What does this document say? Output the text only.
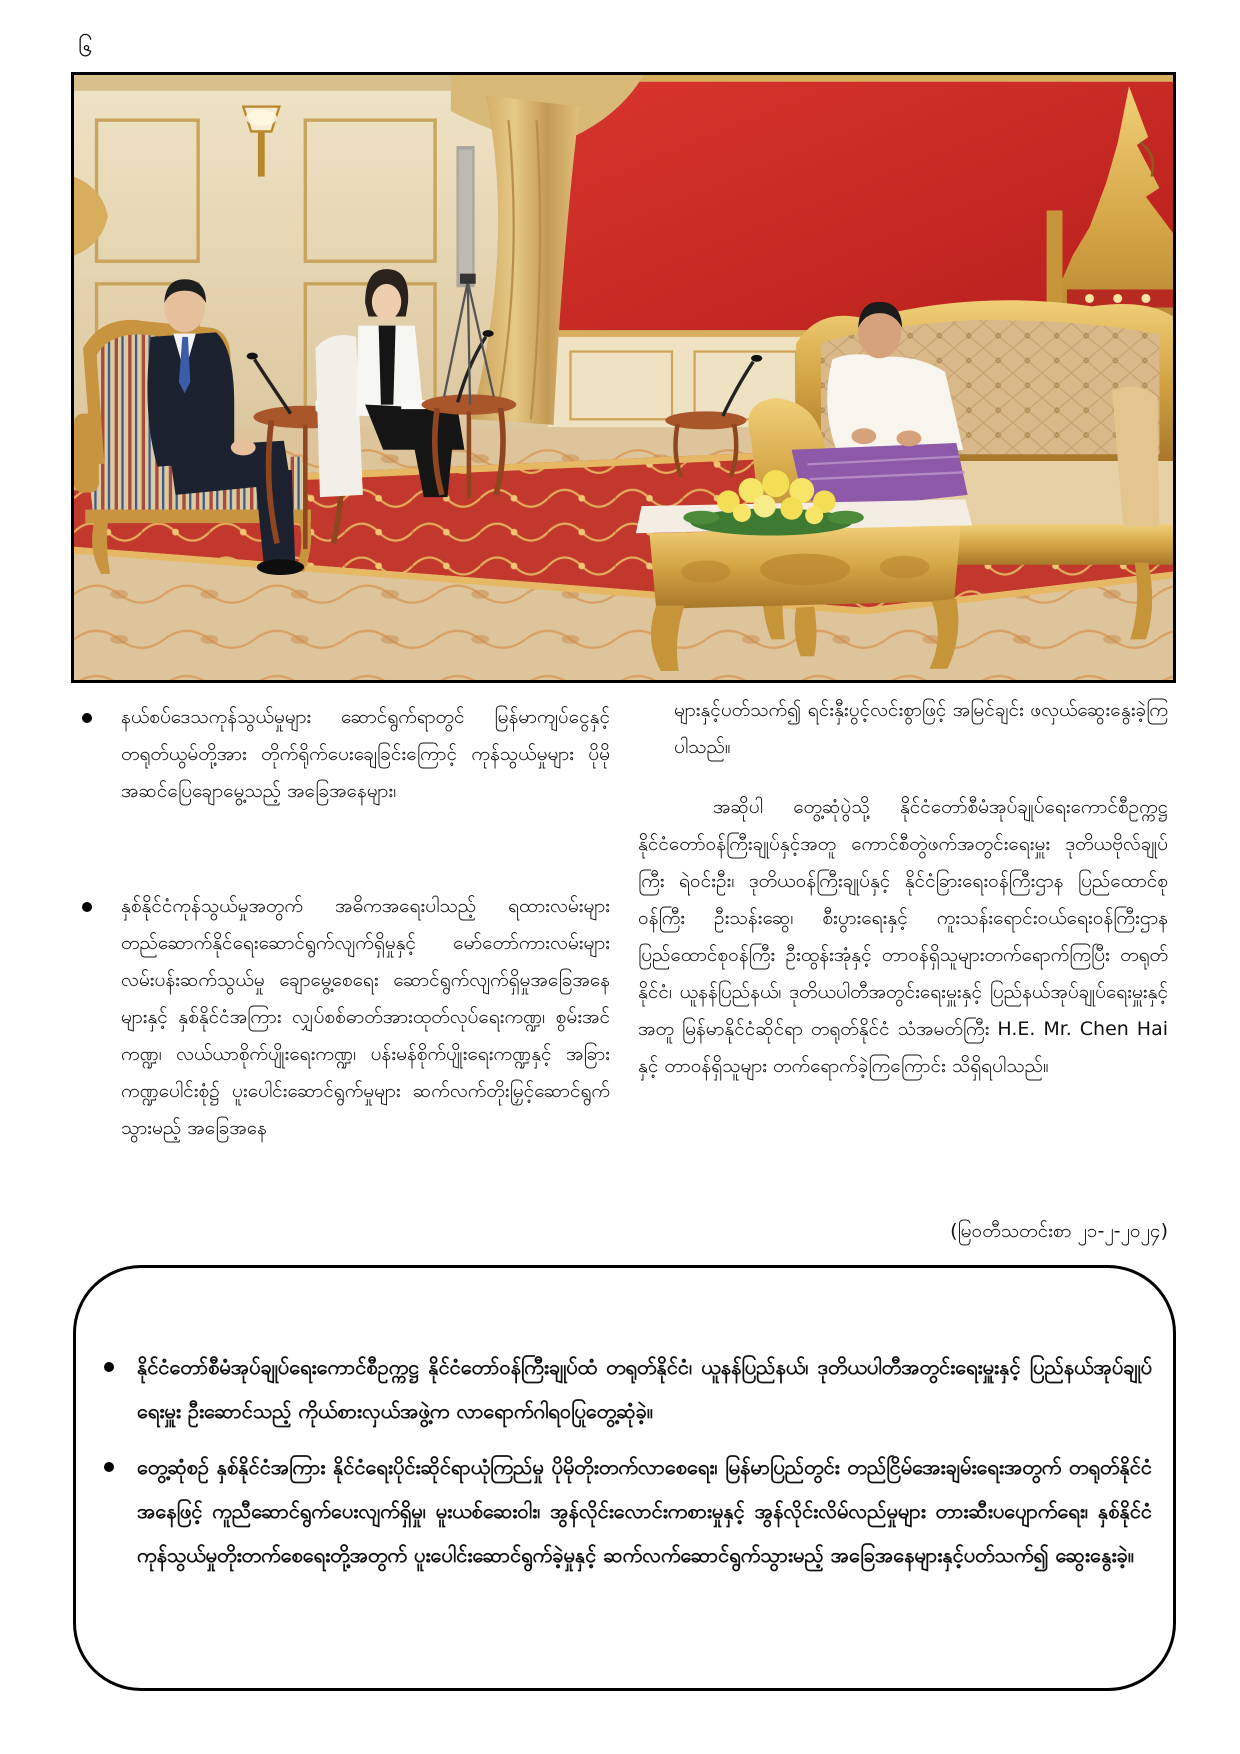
၆
နယ်စပ်ဒေသကုန်သွယ်မှုများ ဆောင်ရွက်ရာတွင် မြန်မာကျပ်ငွေနှင့် တရုတ်ယွမ်တို့အား တိုက်ရိုက်ပေးချေခြင်းကြောင့် ကုန်သွယ်မှုများ ပိုမိုအဆင်ပြေချောမွေ့သည့် အခြေအနေများ၊
နှစ်နိုင်ငံကုန်သွယ်မှုအတွက် အဓိကအရေးပါသည့် ရထားလမ်းများ တည်ဆောက်နိုင်ရေးဆောင်ရွက်လျက်ရှိမှုနှင့် မော်တော်ကားလမ်းများ လမ်းပန်းဆက်သွယ်မှု ချောမွေ့စေရေး ဆောင်ရွက်လျက်ရှိမှုအခြေအနေများနှင့် နှစ်နိုင်ငံအကြား လျှပ်စစ်ဓာတ်အားထုတ်လုပ်ရေးကဏ္ဍ၊ စွမ်းအင်ကဏ္ဍ၊ လယ်ယာစိုက်ပျိုးရေးကဏ္ဍ၊ ပန်းမန်စိုက်ပျိုးရေးကဏ္ဍနှင့် အခြားကဏ္ဍပေါင်းစုံ၌ ပူးပေါင်းဆောင်ရွက်မှုများ ဆက်လက်တိုးမြှင့်ဆောင်ရွက်သွားမည့် အခြေအနေ
များနှင့်ပတ်သက်၍ ရင်းနှီးပွင့်လင်းစွာဖြင့် အမြင်ချင်း ဖလှယ်ဆွေးနွေးခဲ့ကြပါသည်။
အဆိုပါ တွေ့ဆုံပွဲသို့ နိုင်ငံတော်စီမံအုပ်ချုပ်ရေးကောင်စီဥက္ကဋ္ဌ နိုင်ငံတော်ဝန်ကြီးချုပ်နှင့်အတူ ကောင်စီတွဲဖက်အတွင်းရေးမှူး ဒုတိယဗိုလ်ချုပ်ကြီး ရဲဝင်းဦး၊ ဒုတိယဝန်ကြီးချုပ်နှင့် နိုင်ငံခြားရေးဝန်ကြီးဌာန ပြည်ထောင်စုဝန်ကြီး ဦးသန်းဆွေ၊ စီးပွားရေးနှင့် ကူးသန်းရောင်းဝယ်ရေးဝန်ကြီးဌာန ပြည်ထောင်စုဝန်ကြီး ဦးထွန်းအုံနှင့် တာဝန်ရှိသူများတက်ရောက်ကြပြီး တရုတ်နိုင်ငံ၊ ယူနန်ပြည်နယ်၊ ဒုတိယပါတီအတွင်းရေးမှူးနှင့် ပြည်နယ်အုပ်ချုပ်ရေးမှူးနှင့်အတူ မြန်မာနိုင်ငံဆိုင်ရာ တရုတ်နိုင်ငံ သံအမတ်ကြီး H.E. Mr. Chen Hai နှင့် တာဝန်ရှိသူများ တက်ရောက်ခဲ့ကြကြောင်း သိရှိရပါသည်။
(မြဝတီသတင်းစာ ၂၁-၂-၂၀၂၄)
နိုင်ငံတော်စီမံအုပ်ချုပ်ရေးကောင်စီဥက္ကဋ္ဌ နိုင်ငံတော်ဝန်ကြီးချုပ်ထံ တရုတ်နိုင်ငံ၊ ယူနန်ပြည်နယ်၊ ဒုတိယပါတီအတွင်းရေးမှူးနှင့် ပြည်နယ်အုပ်ချုပ်ရေးမှူး ဦးဆောင်သည့် ကိုယ်စားလှယ်အဖွဲ့က လာရောက်ဂါရဝပြုတွေ့ဆုံခဲ့။
တွေ့ဆုံစဉ် နှစ်နိုင်ငံအကြား နိုင်ငံရေးပိုင်းဆိုင်ရာယုံကြည်မှု ပိုမိုတိုးတက်လာစေရေး၊ မြန်မာပြည်တွင်း တည်ငြိမ်အေးချမ်းရေးအတွက် တရုတ်နိုင်ငံအနေဖြင့် ကူညီဆောင်ရွက်ပေးလျက်ရှိမှု၊ မူးယစ်ဆေးဝါး၊ အွန်လိုင်းလောင်းကစားမှုနှင့် အွန်လိုင်းလိမ်လည်မှုများ တားဆီးပပျောက်ရေး၊ နှစ်နိုင်ငံကုန်သွယ်မှုတိုးတက်စေရေးတို့အတွက် ပူးပေါင်းဆောင်ရွက်ခဲ့မှုနှင့် ဆက်လက်ဆောင်ရွက်သွားမည့် အခြေအနေများနှင့်ပတ်သက်၍ ဆွေးနွေးခဲ့။
